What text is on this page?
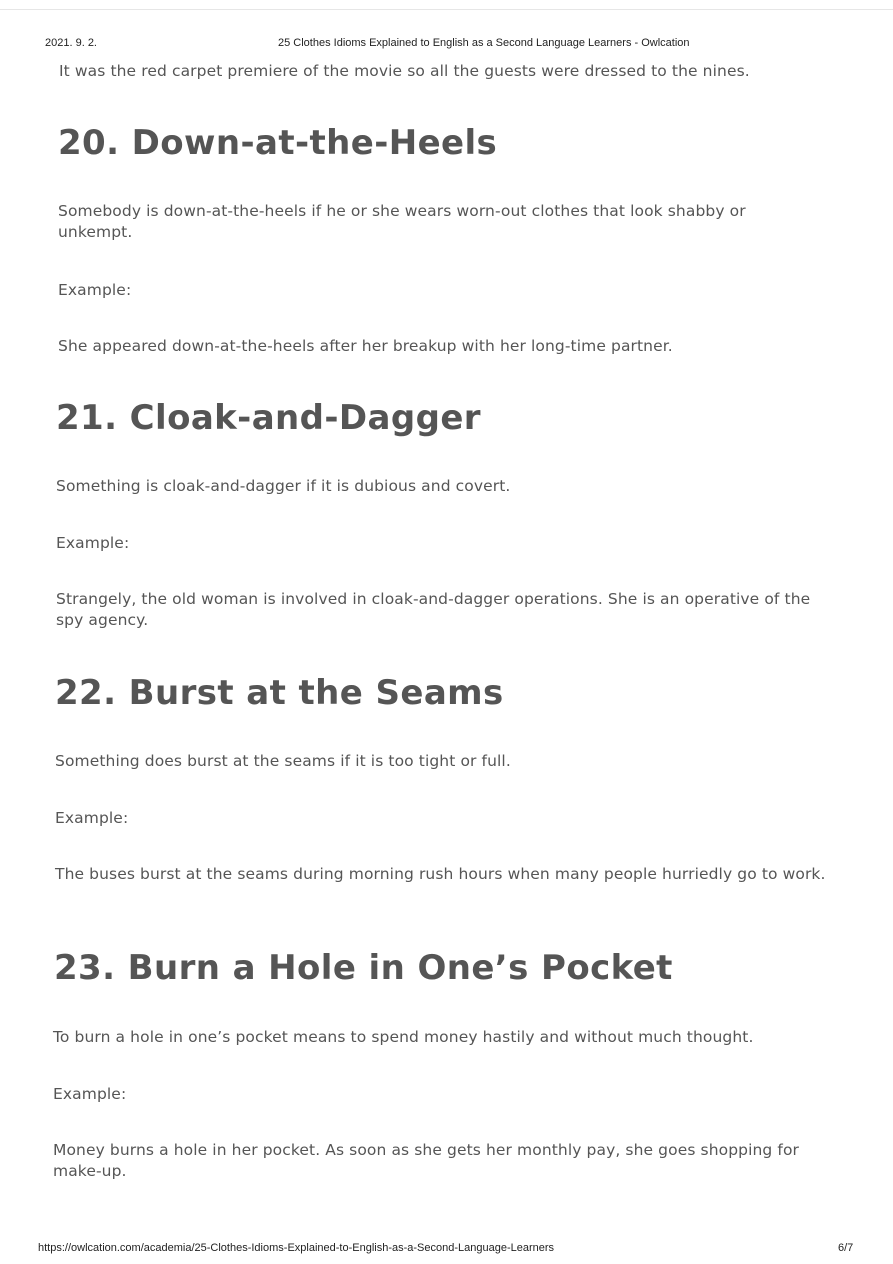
2021. 9. 2.	25 Clothes Idioms Explained to English as a Second Language Learners - Owlcation

It was the red carpet premiere of the movie so all the guests were dressed to the nines.

20. Down-at-the-Heels

Somebody is down-at-the-heels if he or she wears worn-out clothes that look shabby or unkempt.

Example:

She appeared down-at-the-heels after her breakup with her long-time partner.

21. Cloak-and-Dagger

Something is cloak-and-dagger if it is dubious and covert.

Example:

Strangely, the old woman is involved in cloak-and-dagger operations. She is an operative of the spy agency.

22. Burst at the Seams

Something does burst at the seams if it is too tight or full.

Example:

The buses burst at the seams during morning rush hours when many people hurriedly go to work.

23. Burn a Hole in One’s Pocket

To burn a hole in one’s pocket means to spend money hastily and without much thought.

Example:

Money burns a hole in her pocket. As soon as she gets her monthly pay, she goes shopping for make-up.

https://owlcation.com/academia/25-Clothes-Idioms-Explained-to-English-as-a-Second-Language-Learners	6/7
